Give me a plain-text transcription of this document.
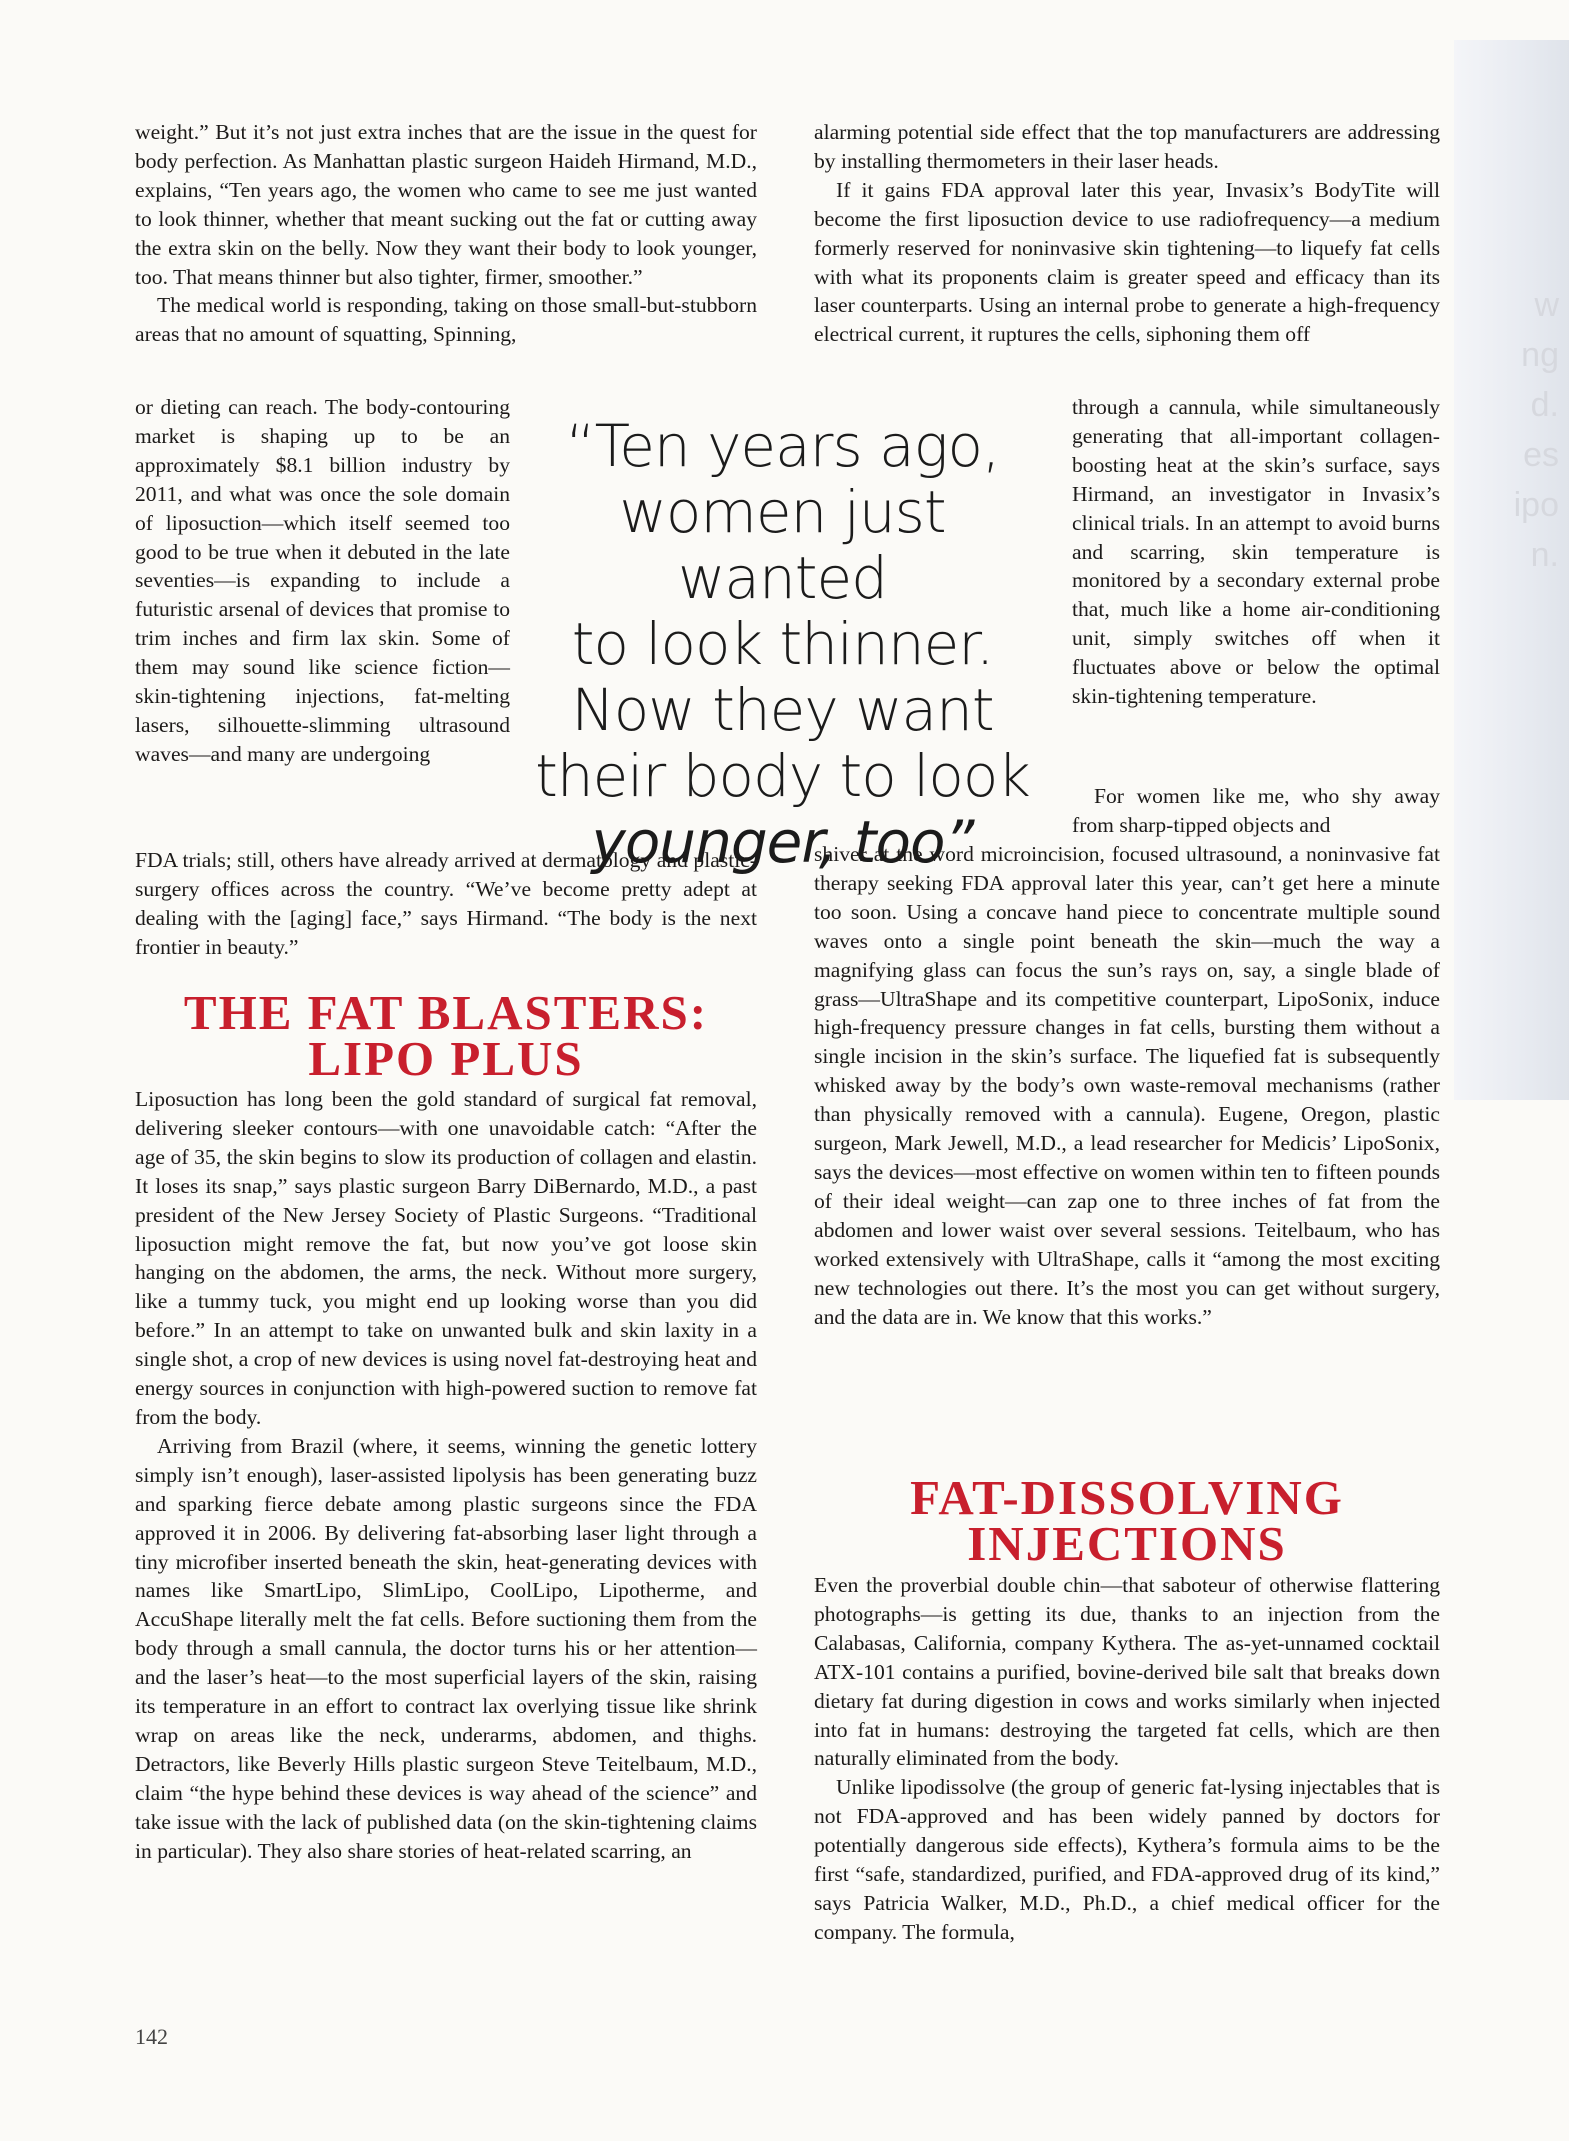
w
ng
d.
es
ipo
n.

weight.” But it’s not just extra inches that are the issue in the quest for body perfection. As Manhattan plastic surgeon Haideh Hirmand, M.D., explains, “Ten years ago, the women who came to see me just wanted to look thinner, whether that meant sucking out the fat or cutting away the extra skin on the belly. Now they want their body to look younger, too. That means thinner but also tighter, firmer, smoother.”

The medical world is responding, taking on those small-but-stubborn areas that no amount of squatting, Spinning,

or dieting can reach. The body-contouring market is shaping up to be an approximately $8.1 billion industry by 2011, and what was once the sole domain of liposuction—which itself seemed too good to be true when it debuted in the late seventies—is expanding to include a futuristic arsenal of devices that promise to trim inches and firm lax skin. Some of them may sound like science fiction—skin-tightening injections, fat-melting lasers, silhouette-slimming ultrasound waves—and many are undergoing

“Ten years ago,
women just wanted
to look thinner.
Now they want
their body to look
younger, too”

FDA trials; still, others have already arrived at dermatology and plastic-surgery offices across the country. “We’ve become pretty adept at dealing with the [aging] face,” says Hirmand. “The body is the next frontier in beauty.”

THE FAT BLASTERS:
LIPO PLUS

Liposuction has long been the gold standard of surgical fat removal, delivering sleeker contours—with one unavoidable catch: “After the age of 35, the skin begins to slow its production of collagen and elastin. It loses its snap,” says plastic surgeon Barry DiBernardo, M.D., a past president of the New Jersey Society of Plastic Surgeons. “Traditional liposuction might remove the fat, but now you’ve got loose skin hanging on the abdomen, the arms, the neck. Without more surgery, like a tummy tuck, you might end up looking worse than you did before.” In an attempt to take on unwanted bulk and skin laxity in a single shot, a crop of new devices is using novel fat-destroying heat and energy sources in conjunction with high-powered suction to remove fat from the body.

Arriving from Brazil (where, it seems, winning the genetic lottery simply isn’t enough), laser-assisted lipolysis has been generating buzz and sparking fierce debate among plastic surgeons since the FDA approved it in 2006. By delivering fat-absorbing laser light through a tiny microfiber inserted beneath the skin, heat-generating devices with names like SmartLipo, SlimLipo, CoolLipo, Lipotherme, and AccuShape literally melt the fat cells. Before suctioning them from the body through a small cannula, the doctor turns his or her attention—and the laser’s heat—to the most superficial layers of the skin, raising its temperature in an effort to contract lax overlying tissue like shrink wrap on areas like the neck, underarms, abdomen, and thighs. Detractors, like Beverly Hills plastic surgeon Steve Teitelbaum, M.D., claim “the hype behind these devices is way ahead of the science” and take issue with the lack of published data (on the skin-tightening claims in particular). They also share stories of heat-related scarring, an

alarming potential side effect that the top manufacturers are addressing by installing thermometers in their laser heads.

If it gains FDA approval later this year, Invasix’s BodyTite will become the first liposuction device to use radiofrequency—a medium formerly reserved for noninvasive skin tightening—to liquefy fat cells with what its proponents claim is greater speed and efficacy than its laser counterparts. Using an internal probe to generate a high-frequency electrical current, it ruptures the cells, siphoning them off

through a cannula, while simultaneously generating that all-important collagen-boosting heat at the skin’s surface, says Hirmand, an investigator in Invasix’s clinical trials. In an attempt to avoid burns and scarring, skin temperature is monitored by a secondary external probe that, much like a home air-conditioning unit, simply switches off when it fluctuates above or below the optimal skin-tightening temperature.

For women like me, who shy away from sharp-tipped objects and

shiver at the word microincision, focused ultrasound, a noninvasive fat therapy seeking FDA approval later this year, can’t get here a minute too soon. Using a concave hand piece to concentrate multiple sound waves onto a single point beneath the skin—much the way a magnifying glass can focus the sun’s rays on, say, a single blade of grass—UltraShape and its competitive counterpart, LipoSonix, induce high-frequency pressure changes in fat cells, bursting them without a single incision in the skin’s surface. The liquefied fat is subsequently whisked away by the body’s own waste-removal mechanisms (rather than physically removed with a cannula). Eugene, Oregon, plastic surgeon, Mark Jewell, M.D., a lead researcher for Medicis’ LipoSonix, says the devices—most effective on women within ten to fifteen pounds of their ideal weight—can zap one to three inches of fat from the abdomen and lower waist over several sessions. Teitelbaum, who has worked extensively with UltraShape, calls it “among the most exciting new technologies out there. It’s the most you can get without surgery, and the data are in. We know that this works.”

FAT-DISSOLVING
INJECTIONS

Even the proverbial double chin—that saboteur of otherwise flattering photographs—is getting its due, thanks to an injection from the Calabasas, California, company Kythera. The as-yet-unnamed cocktail ATX-101 contains a purified, bovine-derived bile salt that breaks down dietary fat during digestion in cows and works similarly when injected into fat in humans: destroying the targeted fat cells, which are then naturally eliminated from the body.

Unlike lipodissolve (the group of generic fat-lysing injectables that is not FDA-approved and has been widely panned by doctors for potentially dangerous side effects), Kythera’s formula aims to be the first “safe, standardized, purified, and FDA-approved drug of its kind,” says Patricia Walker, M.D., Ph.D., a chief medical officer for the company. The formula,

142
